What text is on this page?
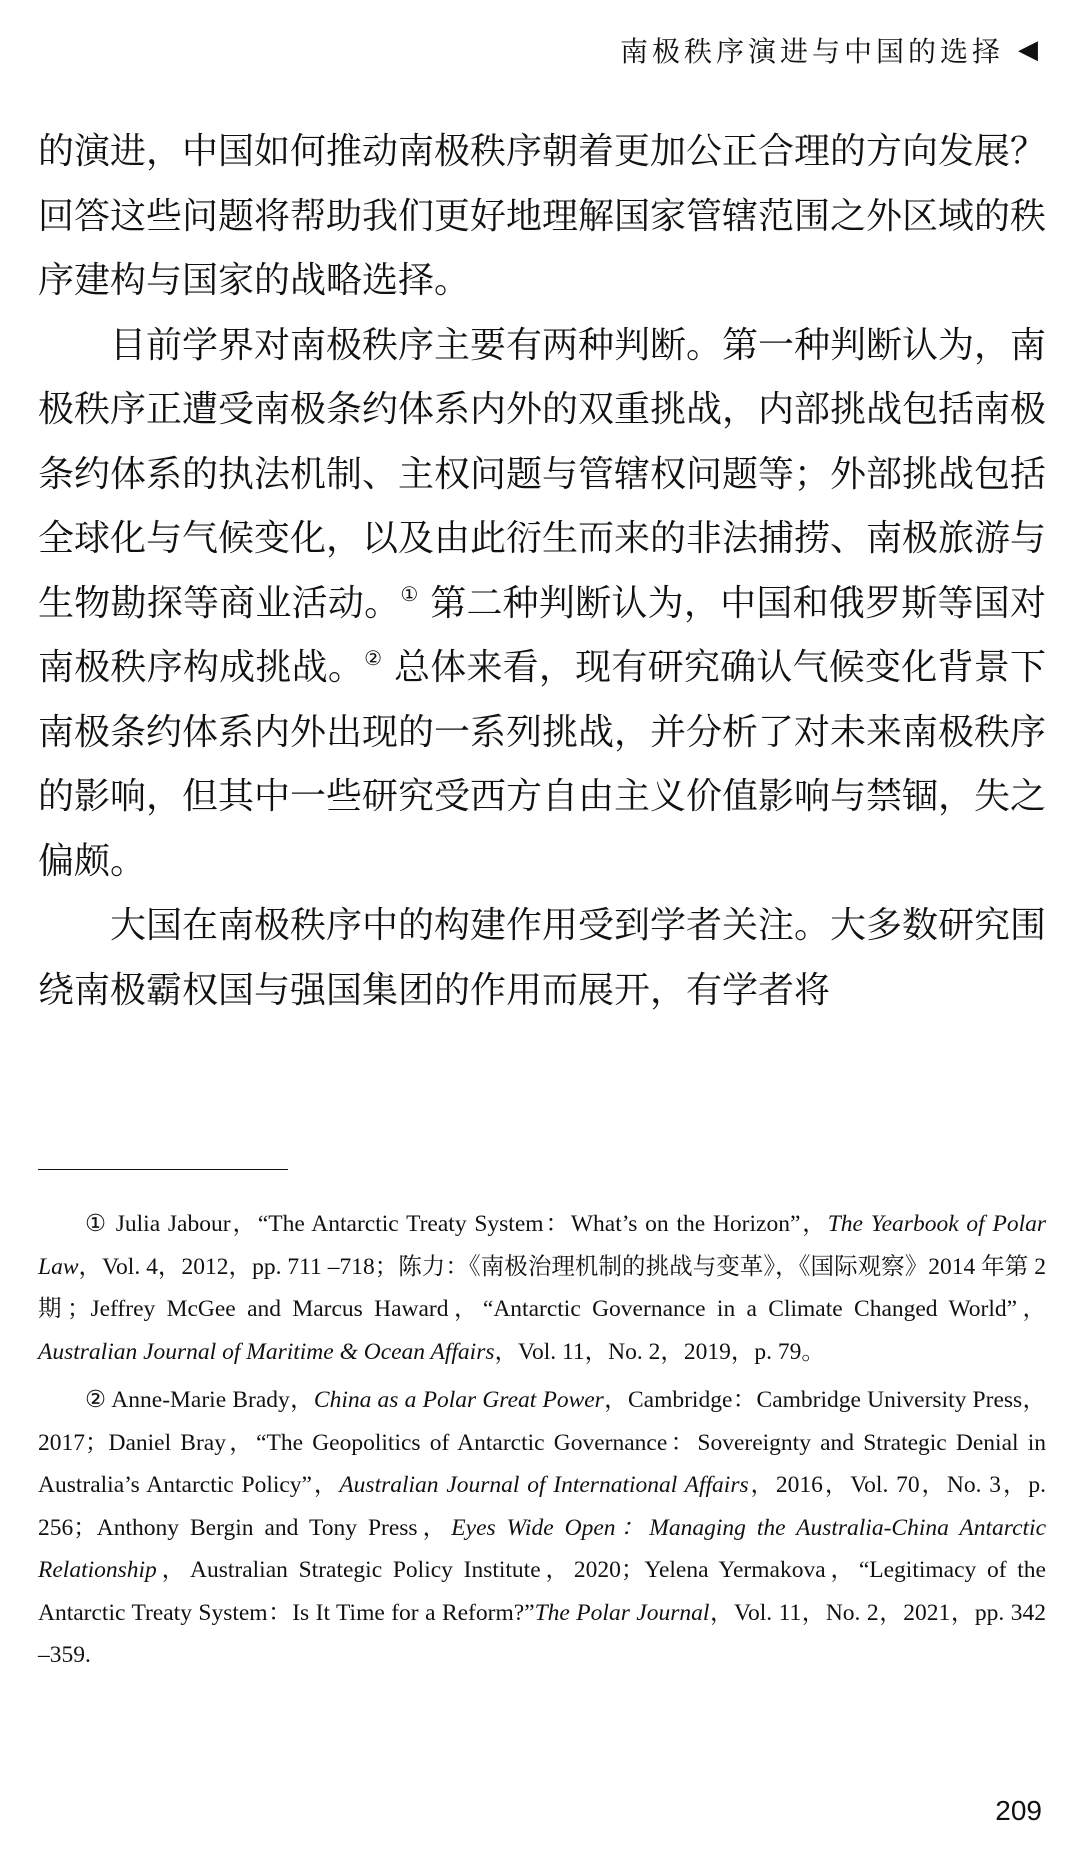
南极秩序演进与中国的选择 ◀

的演进，中国如何推动南极秩序朝着更加公正合理的方向发展？回答这些问题将帮助我们更好地理解国家管辖范围之外区域的秩序建构与国家的战略选择。

目前学界对南极秩序主要有两种判断。第一种判断认为，南极秩序正遭受南极条约体系内外的双重挑战，内部挑战包括南极条约体系的执法机制、主权问题与管辖权问题等；外部挑战包括全球化与气候变化，以及由此衍生而来的非法捕捞、南极旅游与生物勘探等商业活动。① 第二种判断认为，中国和俄罗斯等国对南极秩序构成挑战。② 总体来看，现有研究确认气候变化背景下南极条约体系内外出现的一系列挑战，并分析了对未来南极秩序的影响，但其中一些研究受西方自由主义价值影响与禁锢，失之偏颇。

大国在南极秩序中的构建作用受到学者关注。大多数研究围绕南极霸权国与强国集团的作用而展开，有学者将

① Julia Jabour，“The Antarctic Treaty System：What’s on the Horizon”，The Yearbook of Polar Law，Vol. 4，2012，pp. 711 –718；陈力：《南极治理机制的挑战与变革》，《国际观察》2014 年第 2 期；Jeffrey McGee and Marcus Haward，“Antarctic Governance in a Climate Changed World”，Australian Journal of Maritime & Ocean Affairs，Vol. 11，No. 2，2019，p. 79。

② Anne-Marie Brady，China as a Polar Great Power，Cambridge：Cambridge University Press，2017；Daniel Bray，“The Geopolitics of Antarctic Governance：Sovereignty and Strategic Denial in Australia’s Antarctic Policy”，Australian Journal of International Affairs，2016，Vol. 70，No. 3，p. 256；Anthony Bergin and Tony Press，Eyes Wide Open：Managing the Australia-China Antarctic Relationship，Australian Strategic Policy Institute，2020；Yelena Yermakova，“Legitimacy of the Antarctic Treaty System：Is It Time for a Reform?”The Polar Journal，Vol. 11，No. 2，2021，pp. 342 –359.

209
